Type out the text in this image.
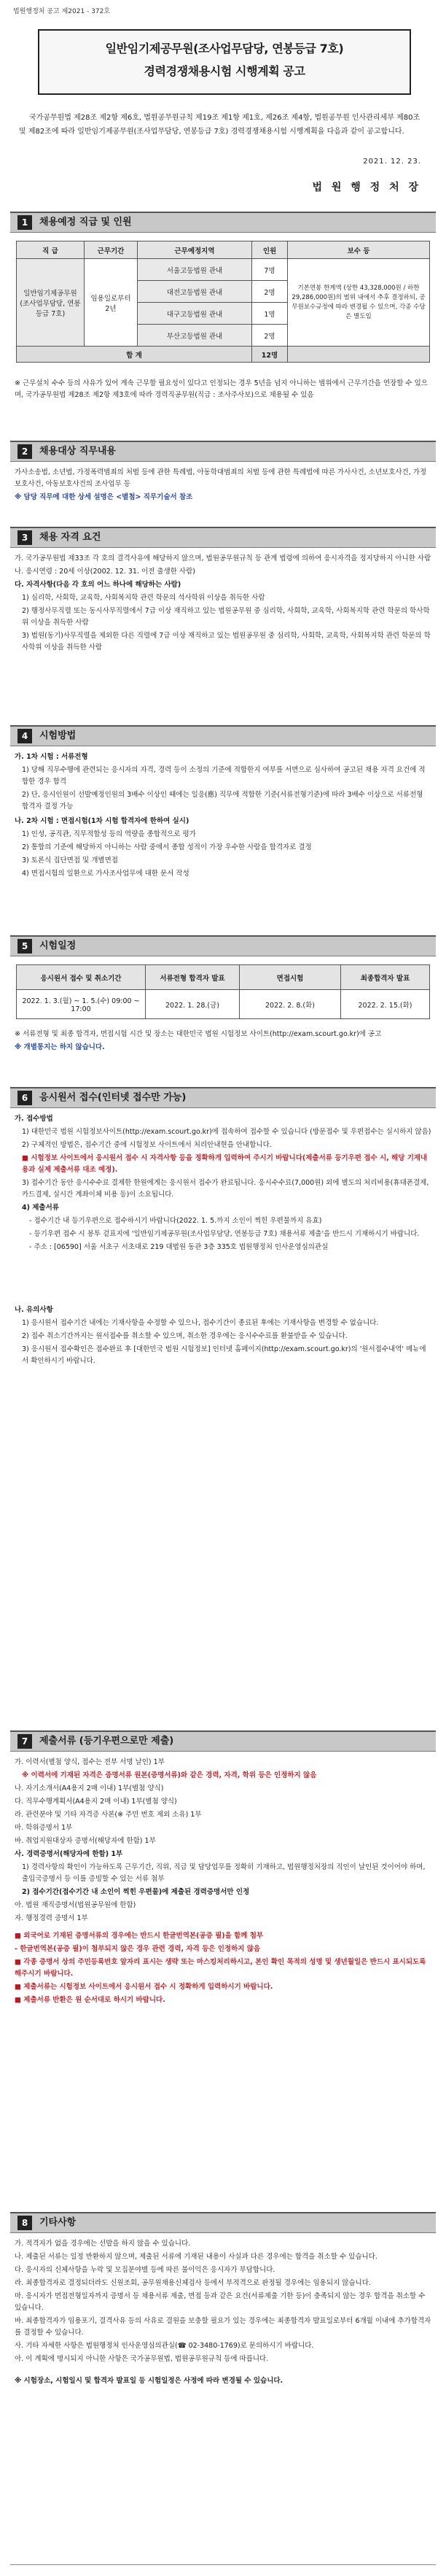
법원행정처 공고 제2021 - 372호
일반임기제공무원(조사업무담당, 연봉등급 7호)
경력경쟁채용시험 시행계획 공고
국가공무원법 제28조 제2항 제6호, 법원공무원규칙 제19조 제1항 제1호, 제26조 제4항, 법원공무원 인사관리세부 제80조 및 제82조에 따라 일반임기제공무원(조사업무담당, 연봉등급 7호) 경력경쟁채용시험 시행계획을 다음과 같이 공고합니다.
2021. 12. 23.
법 원 행 정 처 장
1	채용예정 직급 및 인원
직 급	근무기간	근무예정지역	인원	보수 등
일반임기제공무원 (조사업무담당, 연봉등급 7호)	임용일로부터 2년	서울고등법원 관내	7명	기본연봉 한계액 (상한 43,328,000원 / 하한 29,286,000원)의 범위 내에서 추후 결정하되, 공무원보수규정에 따라 변경될 수 있으며, 각종 수당은 별도임
		대전고등법원 관내	2명	
		대구고등법원 관내	1명	
		부산고등법원 관내	2명	
합 계			12명	

※ 근무설치 수수 등의 사유가 있어 계속 근무할 필요성이 있다고 인정되는 경우 5년을 넘지 아니하는 범위에서 근무기간을 연장할 수 있으며, 국가공무원법 제28조 제2항 제3호에 따라 경력직공무원(직급 : 조사주사보)으로 채용될 수 있음

2	채용대상 직무내용

가사소송법, 소년법, 가정폭력범죄의 처벌 등에 관한 특례법, 아동학대범죄의 처벌 등에 관한 특례법에 따른 가사사건, 소년보호사건, 가정보호사건, 아동보호사건의 조사업무 등

※ 담당 직무에 대한 상세 설명은 <별첨> 직무기술서 참조

3	채용 자격 요건

가. 국가공무원법 제33조 각 호의 결격사유에 해당하지 않으며, 법원공무원규칙 등 관계 법령에 의하여 응시자격을 정지당하지 아니한 사람

나. 응시연령 : 20세 이상(2002. 12. 31. 이전 출생한 사람)

다. 자격사항(다음 각 호의 어느 하나에 해당하는 사람)

1) 심리학, 사회학, 교육학, 사회복지학 관련 학문의 석사학위 이상을 취득한 사람

2) 행정사무직렬 또는 동시사무직렬에서 7급 이상 재직하고 있는 법원공무원 중 심리학, 사회학, 교육학, 사회복지학 관련 학문의 학사학위 이상을 취득한 사람

3) 법원(동기)사무직렬을 제외한 다른 직렬에 7급 이상 재직하고 있는 법원공무원 중 심리학, 사회학, 교육학, 사회복지학 관련 학문의 학사학위 이상을 취득한 사람

4	시험방법

가. 1차 시험 : 서류전형

1) 당해 직무수행에 관련되는 응시자의 자격, 경력 등이 소정의 기준에 적합한지 여부를 서면으로 심사하여 공고된 채용 자격 요건에 적합한 경우 합격

2) 단, 응시인원이 선발예정인원의 3배수 이상인 때에는 일응(應) 직무에 적합한 기준(서류전형기준)에 따라 3배수 이상으로 서류전형 합격자 결정 가능

나. 2차 시험 : 면접시험(1차 시험 합격자에 한하여 실시)

1) 인성, 공직관, 직무적합성 등의 역량을 종합적으로 평가

2) 통합의 기준에 해당하지 아니하는 사람 중에서 종합 성적이 가장 우수한 사람을 합격자로 결정

3) 토론식 집단면접 및 개별면접

4) 면접시험의 일환으로 가사조사업무에 대한 문서 작성

5	시험일정
응시원서 접수 및 취소기간	서류전형 합격자 발표	면접시험	최종합격자 발표
2022. 1. 3.(월) ~ 1. 5.(수) 09:00 ~ 17:00	2022. 1. 28.(금)	2022. 2. 8.(화)	2022. 2. 15.(화)

※ 서류전형 및 최종 합격자, 면접시험 시간 및 장소는 대한민국 법원 시험정보 사이트(http://exam.scourt.go.kr)에 공고

※ 개별통지는 하지 않습니다.

6	응시원서 접수(인터넷 접수만 가능)

가. 접수방법

1) 대한민국 법원 시험정보사이트(http://exam.scourt.go.kr)에 접속하여 접수할 수 있습니다 (방문접수 및 우편접수는 실시하지 않음)

2) 구체적인 방법은, 접수기간 중에 시험정보 사이트에서 처리안내현을 안내합니다.

■ 시험정보 사이트에서 응시원서 접수 시 자격사항 등을 정확하게 입력하여 주시기 바랍니다(제출서류 등기우편 접수 시, 해당 기재내용과 실제 제출서류 대조 예정).

3) 접수기간 동안 응시수수료 결제한 한원에게는 응시원서 접수가 완료됩니다. 응시수수료(7,000원) 외에 별도의 처리비용(휴대폰결제, 카드결제, 실시간 계좌이체 비용 등)이 소요됩니다.

4) 제출서류

- 접수기간 내 등기우편으로 접수하시기 바랍니다(2022. 1. 5.까지 소인이 찍힌 우편물까지 유효)

- 등기우편 접수 시 봉투 겉표지에 '일반임기제공무원(조사업무담당, 연봉등급 7호) 채용서류 제출'을 반드시 기재하시기 바랍니다.

- 주소 : [06590] 서울 서초구 서초대로 219 대법원 동관 3층 335호 법원행정처 인사운영심의관실

나. 유의사항

1) 응시원서 접수기간 내에는 기재사항을 수정할 수 있으나, 접수기간이 종료된 후에는 기재사항을 변경할 수 없습니다.

2) 접수 취소기간까지는 원서접수를 취소할 수 있으며, 취소한 경우에는 응시수수료를 환불받을 수 있습니다.

3) 응시원서 접수확인은 접수완료 후 [대한민국 법원 시험정보] 인터넷 홈페이지(http://exam.scourt.go.kr)의 '원서접수내역' 메뉴에서 확인하시기 바랍니다.

7	제출서류 (등기우편으로만 제출)

가. 이력서(별첨 양식, 접수는 전부 서명 날인) 1부

※ 이력서에 기재된 자격은 증명서류 원본(증명서류)와 같은 경력, 자격, 학위 등은 인정하지 않음

나. 자기소개서(A4용지 2매 이내) 1부(별첨 양식)

다. 직무수행계획서(A4용지 2매 이내) 1부(별첨 양식)

라. 관련분야 및 기타 자격증 사본(※ 주민 번호 제외 소유) 1부

마. 학위증명서 1부

바. 취업지원대상자 증명서(해당자에 한함) 1부

사. 경력증명서(해당자에 한함) 1부

1) 경력사항의 확인이 가능하도록 근무기간, 직위, 직급 및 담당업무를 정확히 기재하고, 법원행정처장의 직인이 날인된 것이어야 하며, 출입국증명서 등 이를 증빙할 수 있는 서류 첨부

2) 접수기간(접수기간 내 소인이 찍힌 우편물)에 제출된 경력증명서만 인정

아. 법원 재직증명서(법원공무원에 한함)

자. 행정경력 증명서 1부

■ 외국어로 기재된 증명서류의 경우에는 반드시 한글번역본(공증 필)을 함께 첨부

- 한글번역본(공증 필)이 첨부되지 않은 경우 관련 경력, 자격 등은 인정하지 않음

■ 각종 증명서 상의 주민등록번호 앞자리 표시는 생략 또는 마스킹처리하시고, 본인 확인 목적의 성명 및 생년월일은 반드시 표시되도록 해주시기 바랍니다.

■ 제출서류는 시험정보 사이트에서 응시원서 접수 시 정확하게 입력하시기 바랍니다.

■ 제출서류 반환은 원 순서대로 하시기 바랍니다.

8	기타사항

가. 적격자가 없을 경우에는 선발을 하지 않을 수 있습니다.

나. 제출된 서류는 일정 반환하지 않으며, 제출된 서류에 기재된 내용이 사실과 다른 경우에는 합격을 취소할 수 있습니다.

다. 응시자의 신체사항을 누락 및 모집분야별 등에 따른 불이익은 응시자가 부담합니다.

라. 최종합격자로 결정되더라도 신원조회, 공무원채용신체검사 등에서 부적격으로 판정될 경우에는 임용되지 않습니다.

마. 응시자가 면접전형일자까지 증명서 등 채용서류 제출, 면접 등과 같은 요건(서류제출 기한 등)이 충족되지 않는 경우 합격을 취소할 수 있습니다.

바. 최종합격자가 임용포기, 결격사유 등의 사유로 결원을 보충할 필요가 있는 경우에는 최종합격자 발표일로부터 6개월 이내에 추가합격자를 결정할 수 있습니다.

사. 기타 자세한 사항은 법원행정처 인사운영심의관실(☎ 02-3480-1769)로 문의하시기 바랍니다.

아. 이 계획에 명시되지 아니한 사항은 국가공무원법, 법원공무원규칙 등에 따릅니다.

※ 시험장소, 시험일시 및 합격자 발표일 등 시험일정은 사정에 따라 변경될 수 있습니다.
